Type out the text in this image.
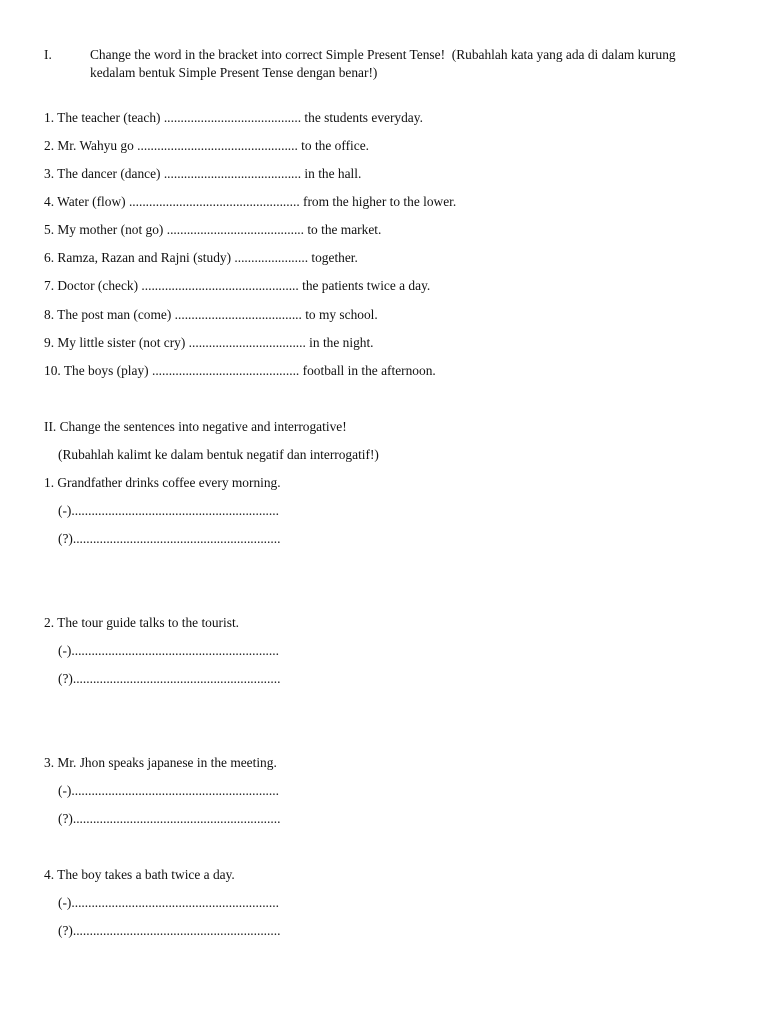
I.	Change the word in the bracket into correct Simple Present Tense!  (Rubahlah kata yang ada di dalam kurung
kedalam bentuk Simple Present Tense dengan benar!)
1. The teacher (teach) ......................................... the students everyday.
2. Mr. Wahyu go ................................................ to the office.
3. The dancer (dance) ......................................... in the hall.
4. Water (flow) ................................................... from the higher to the lower.
5. My mother (not go) ......................................... to the market.
6. Ramza, Razan and Rajni (study) ...................... together.
7. Doctor (check) ............................................... the patients twice a day.
8. The post man (come) ...................................... to my school.
9. My little sister (not cry) ................................... in the night.
10. The boys (play) ............................................ football in the afternoon.
II. Change the sentences into negative and interrogative!
(Rubahlah kalimt ke dalam bentuk negatif dan interrogatif!)
1. Grandfather drinks coffee every morning.
(-)..............................................................
(?)..............................................................
2. The tour guide talks to the tourist.
(-)..............................................................
(?)..............................................................
3. Mr. Jhon speaks japanese in the meeting.
(-)..............................................................
(?)..............................................................
4. The boy takes a bath twice a day.
(-)..............................................................
(?)..............................................................
